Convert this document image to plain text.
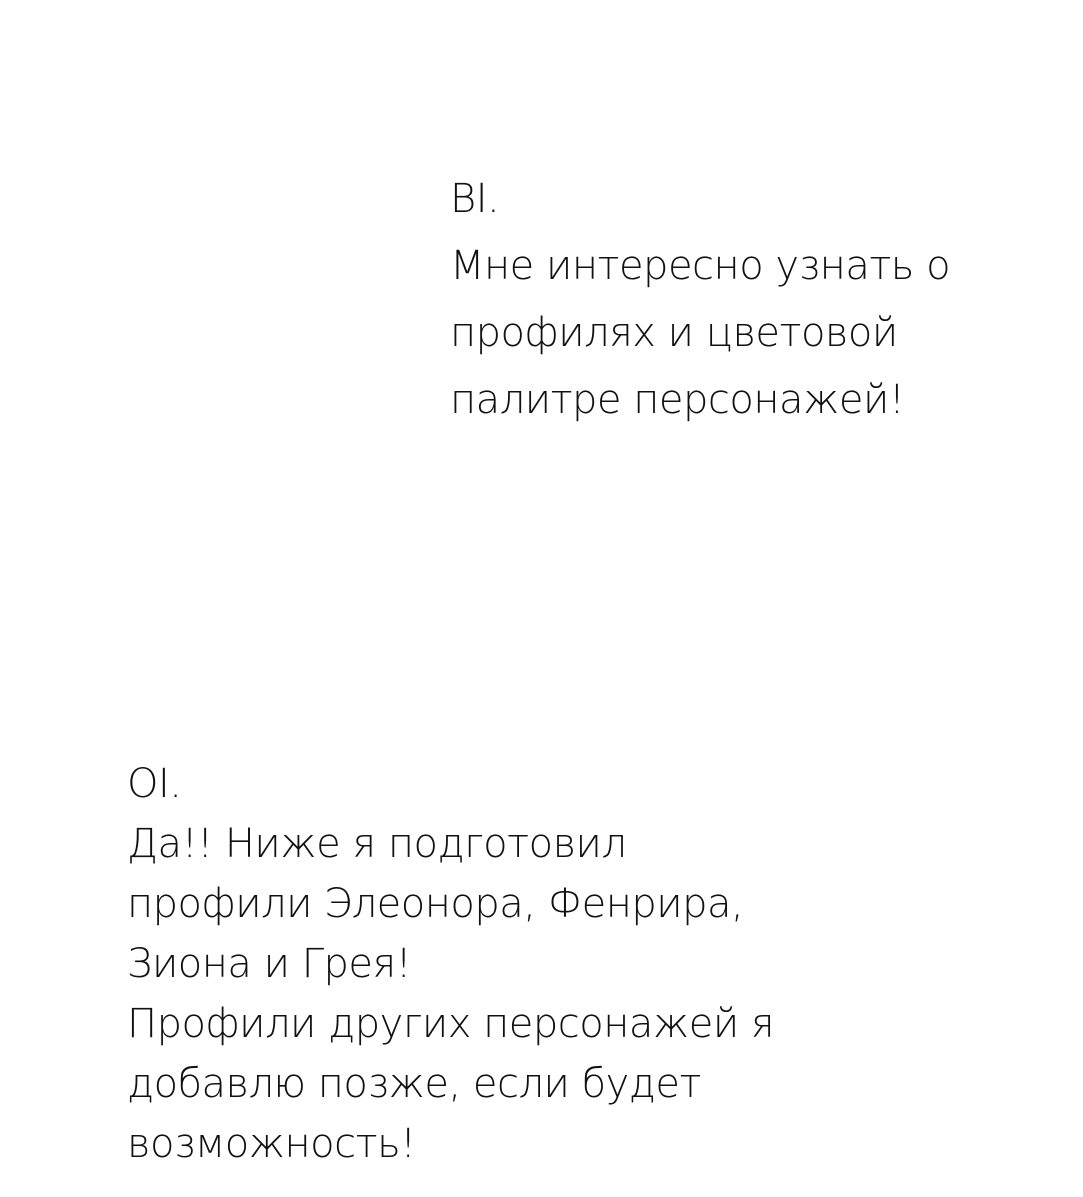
ВI.
Мне интересно узнать о
профилях и цветовой
палитре персонажей!
OI.
Да!! Ниже я подготовил
профили Элеонора, Фенрира,
Зиона и Грея!
Профили других персонажей я
добавлю позже, если будет
возможность!
